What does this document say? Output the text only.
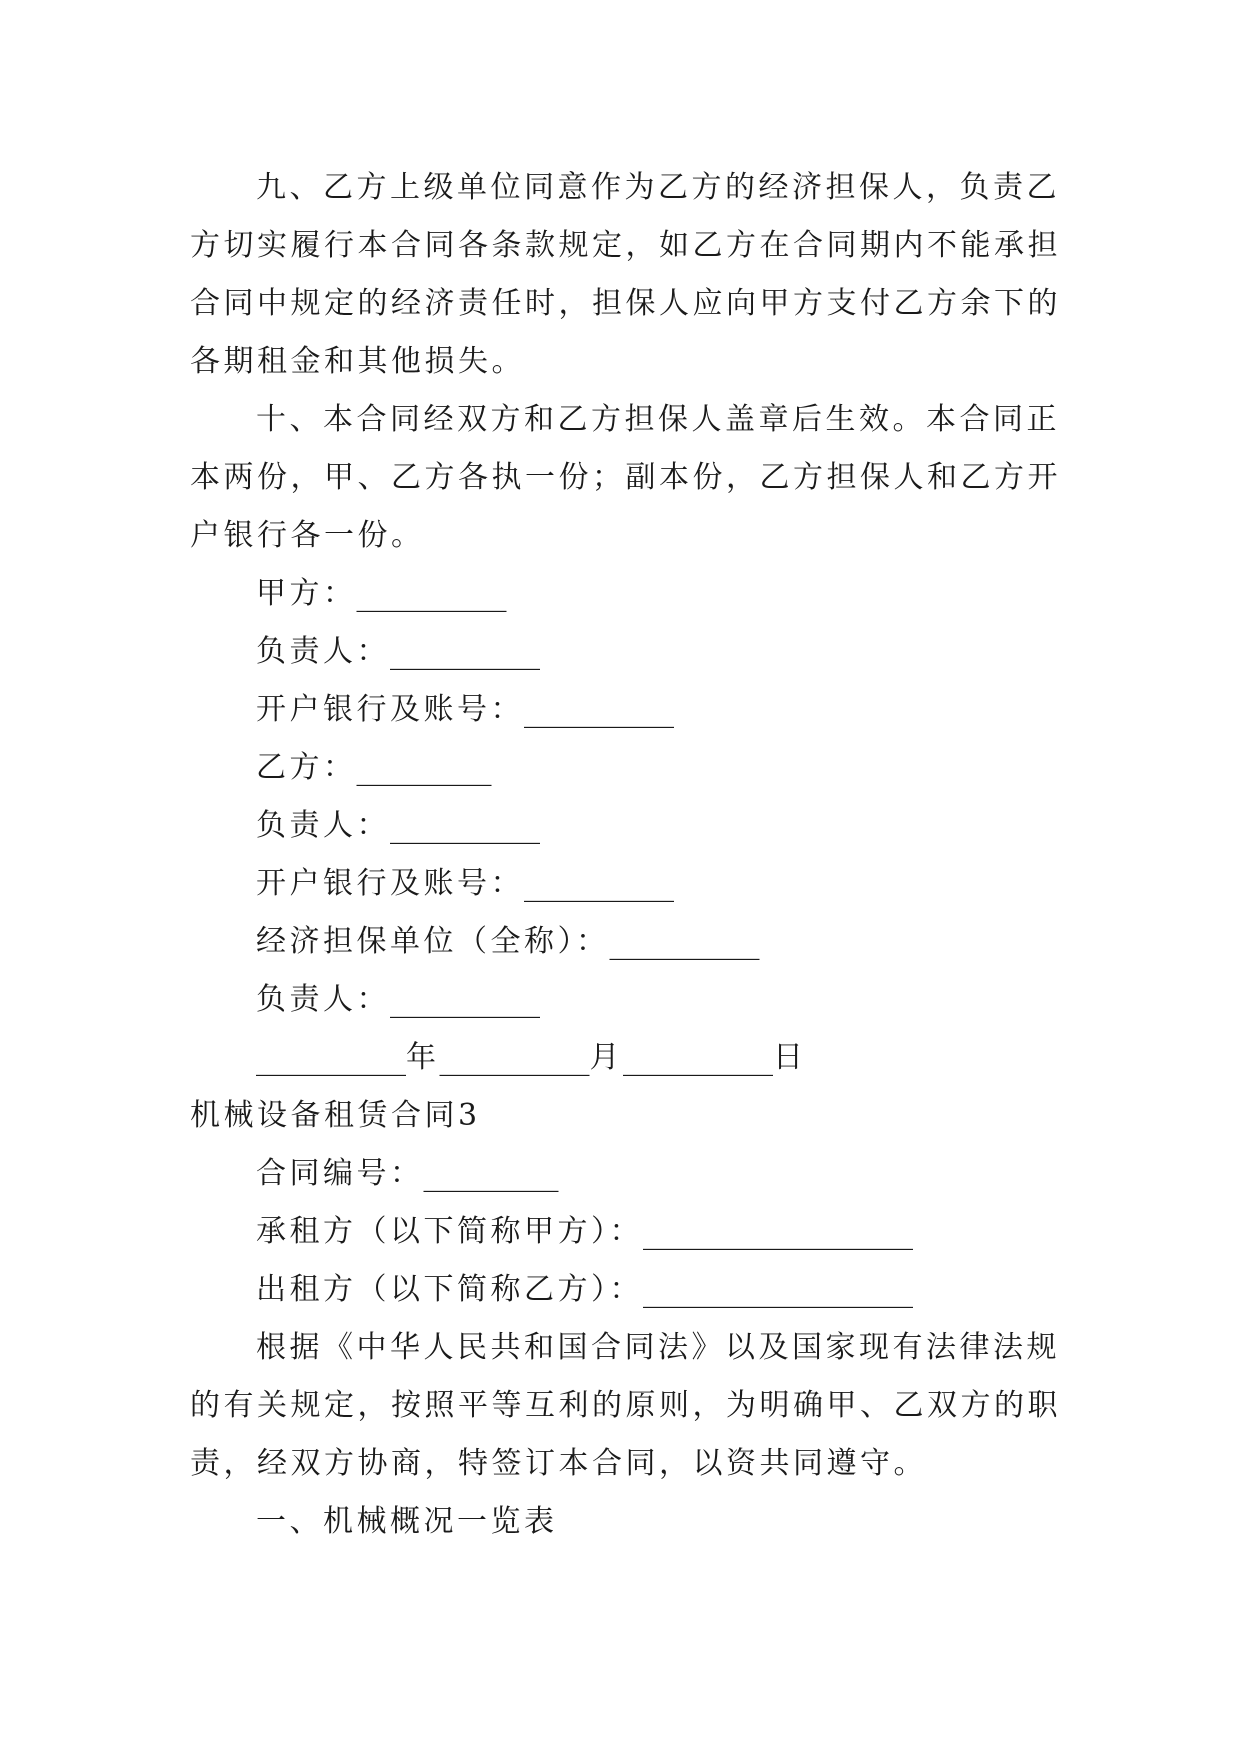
九、乙方上级单位同意作为乙方的经济担保人，负责乙
方切实履行本合同各条款规定，如乙方在合同期内不能承担
合同中规定的经济责任时，担保人应向甲方支付乙方余下的
各期租金和其他损失。
十、本合同经双方和乙方担保人盖章后生效。本合同正
本两份，甲、乙方各执一份；副本份，乙方担保人和乙方开
户银行各一份。
甲方：__________
负责人：__________
开户银行及账号：__________
乙方：_________
负责人：__________
开户银行及账号：__________
经济担保单位（全称）：__________
负责人：__________
__________年__________月__________日
机械设备租赁合同3
合同编号：_________
承租方（以下简称甲方）：__________________
出租方（以下简称乙方）：__________________
根据《中华人民共和国合同法》以及国家现有法律法规
的有关规定，按照平等互利的原则，为明确甲、乙双方的职
责，经双方协商，特签订本合同，以资共同遵守。
一、机械概况一览表
